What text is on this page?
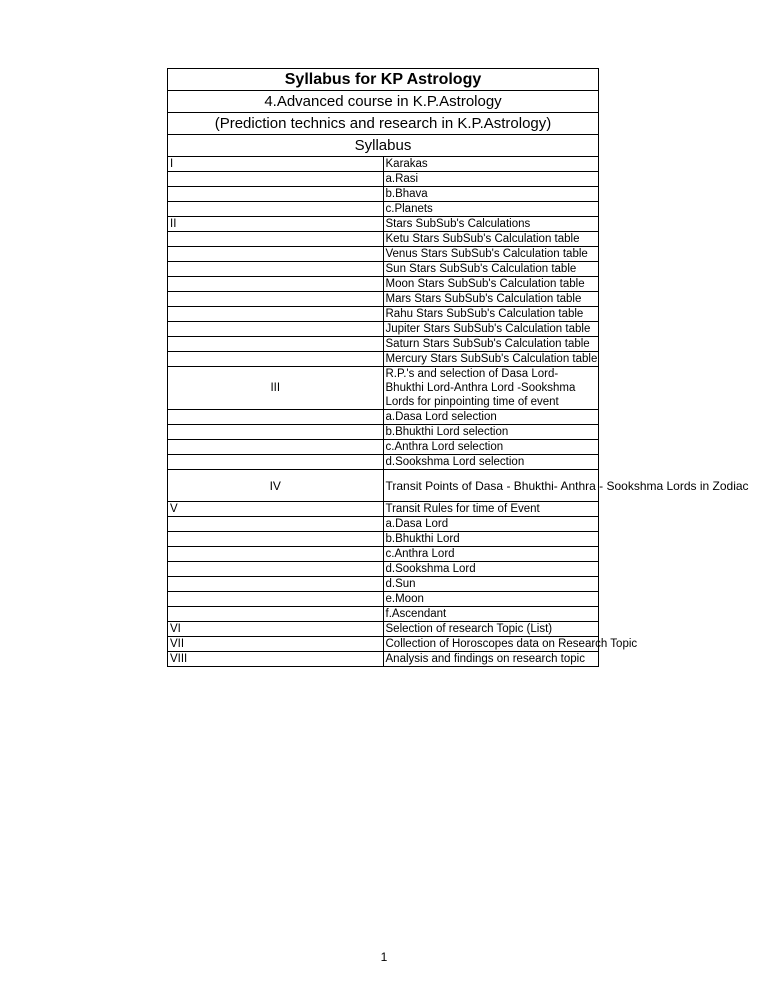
Syllabus for KP Astrology	
4.Advanced course in K.P.Astrology	
(Prediction technics and research in K.P.Astrology)	
Syllabus	
I	Karakas
	a.Rasi
	b.Bhava
	c.Planets
II	Stars SubSub's Calculations
	Ketu Stars SubSub's Calculation table
	Venus Stars SubSub's Calculation table
	Sun Stars SubSub's Calculation table
	Moon Stars SubSub's Calculation table
	Mars Stars SubSub's Calculation table
	Rahu Stars SubSub's Calculation table
	Jupiter Stars SubSub's Calculation table
	Saturn Stars SubSub's Calculation table
	Mercury Stars SubSub's Calculation table
III	R.P.'s and selection of Dasa Lord-Bhukthi Lord-Anthra Lord -Sookshma Lords for pinpointing time of event
	a.Dasa Lord selection
	b.Bhukthi Lord selection
	c.Anthra Lord selection
	d.Sookshma Lord selection
IV	Transit Points of Dasa - Bhukthi- Anthra - Sookshma Lords in Zodiac
V	Transit Rules for time of Event
	a.Dasa Lord
	b.Bhukthi Lord
	c.Anthra Lord
	d.Sookshma Lord
	d.Sun
	e.Moon
	f.Ascendant
VI	Selection of research Topic (List)
VII	Collection of Horoscopes data on Research Topic
VIII	Analysis and findings on research topic
1
